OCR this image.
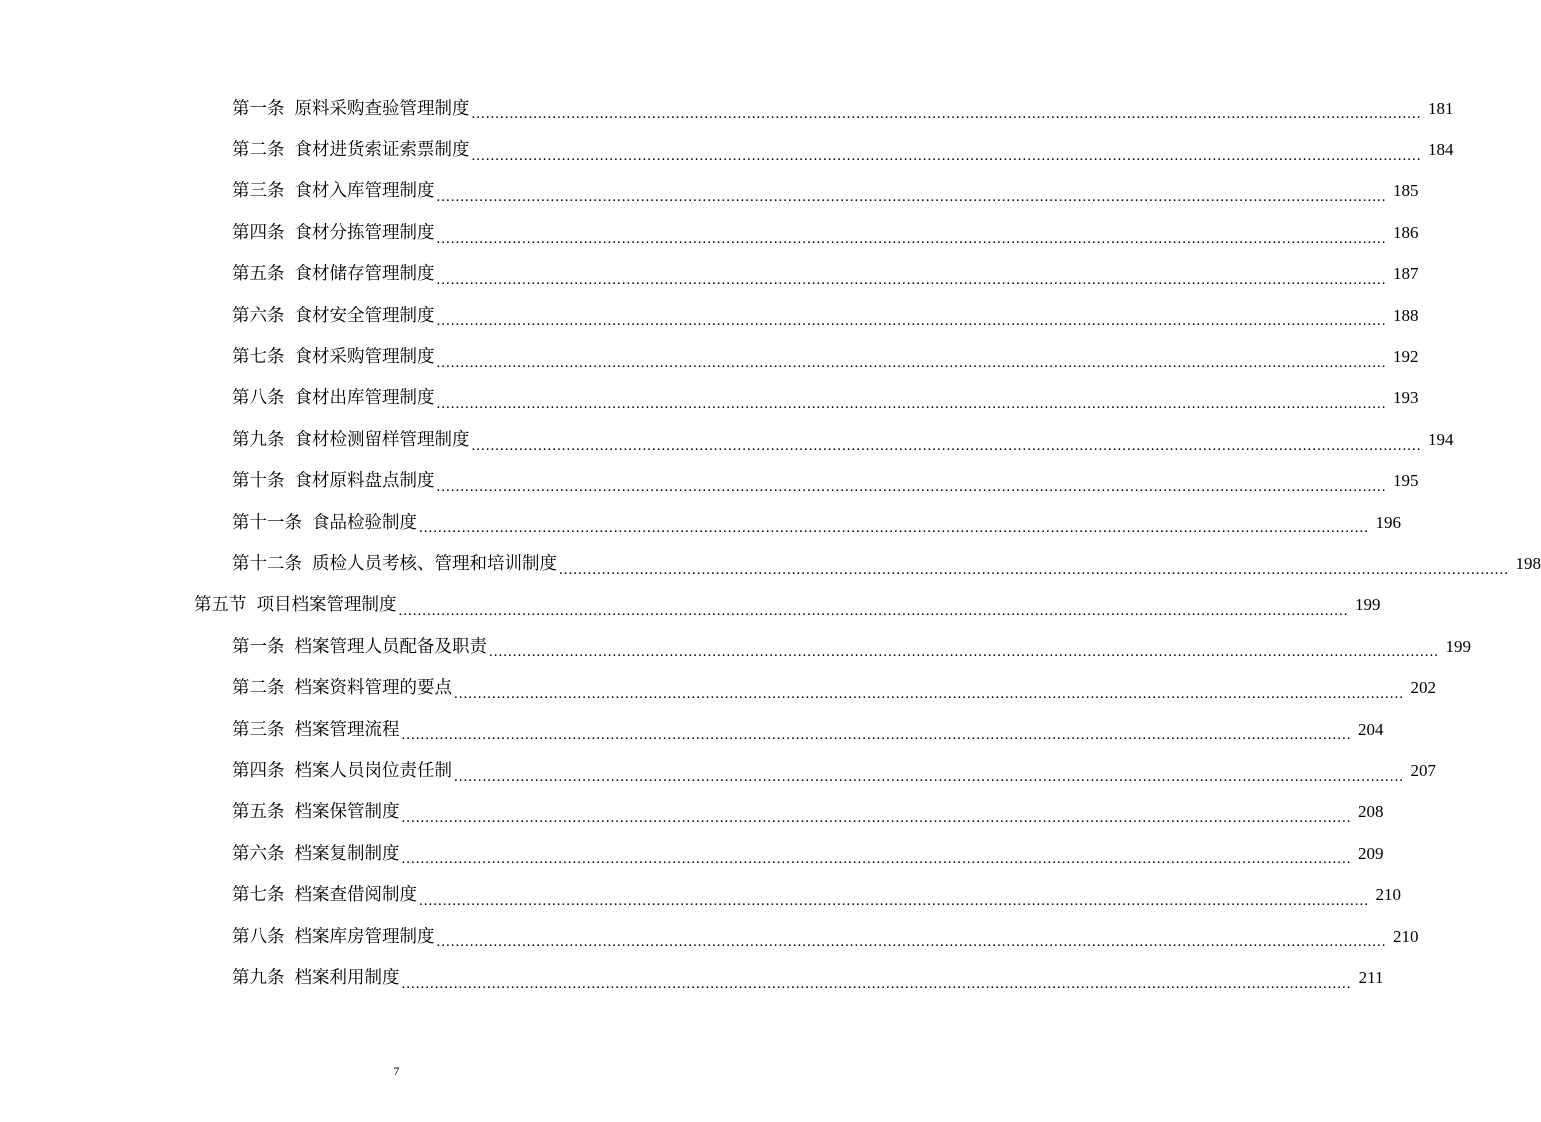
第一条 原料采购查验管理制度 ........................................................................................................................................................................................................ 181
第二条 食材进货索证索票制度 ........................................................................................................................................................................................................ 184
第三条 食材入库管理制度 ........................................................................................................................................................................................................ 185
第四条 食材分拣管理制度 ........................................................................................................................................................................................................ 186
第五条 食材储存管理制度 ........................................................................................................................................................................................................ 187
第六条 食材安全管理制度 ........................................................................................................................................................................................................ 188
第七条 食材采购管理制度 ........................................................................................................................................................................................................ 192
第八条 食材出库管理制度 ........................................................................................................................................................................................................ 193
第九条 食材检测留样管理制度 ........................................................................................................................................................................................................ 194
第十条 食材原料盘点制度 ........................................................................................................................................................................................................ 195
第十一条 食品检验制度 ........................................................................................................................................................................................................ 196
第十二条 质检人员考核、管理和培训制度 ........................................................................................................................................................................................................ 198
第五节 项目档案管理制度 ........................................................................................................................................................................................................ 199
第一条 档案管理人员配备及职责 ........................................................................................................................................................................................................ 199
第二条 档案资料管理的要点 ........................................................................................................................................................................................................ 202
第三条 档案管理流程 ........................................................................................................................................................................................................ 204
第四条 档案人员岗位责任制 ........................................................................................................................................................................................................ 207
第五条 档案保管制度 ........................................................................................................................................................................................................ 208
第六条 档案复制制度 ........................................................................................................................................................................................................ 209
第七条 档案查借阅制度 ........................................................................................................................................................................................................ 210
第八条 档案库房管理制度 ........................................................................................................................................................................................................ 210
第九条 档案利用制度 ........................................................................................................................................................................................................ 211
7
